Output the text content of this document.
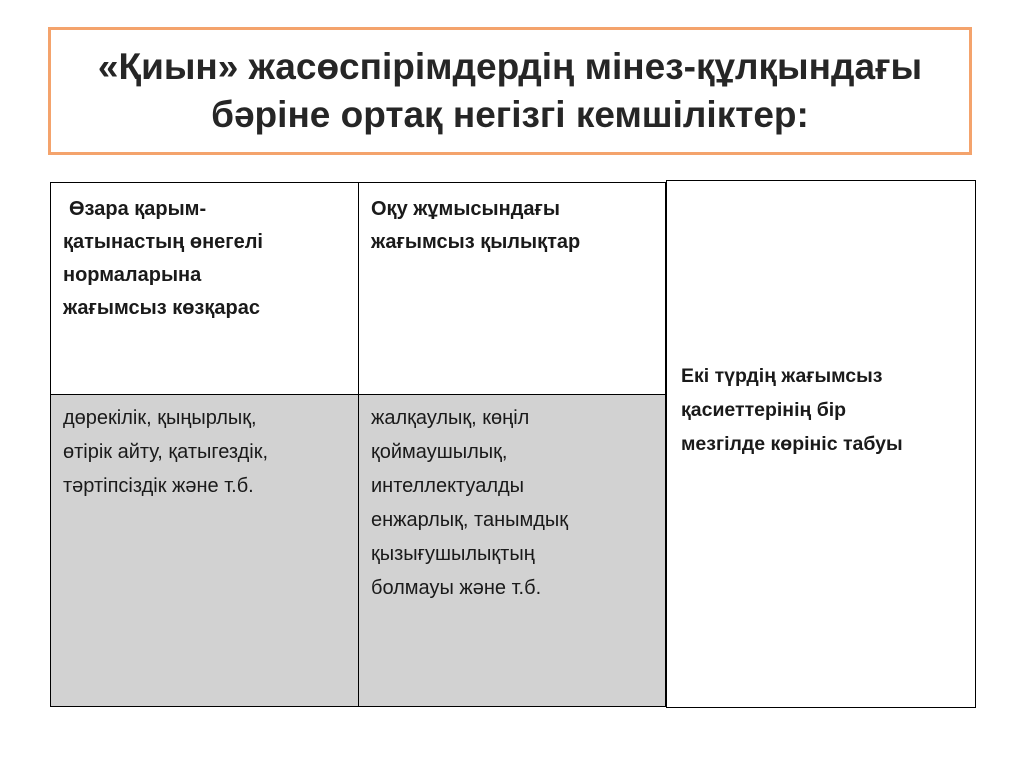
«Қиын» жасөспірімдердің мінез-құлқындағы
бәріне ортақ негізгі кемшіліктер:
Өзара қарым-
қатынастың өнегелі
нормаларына
жағымсыз көзқарас
Оқу жұмысындағы
жағымсыз қылықтар
дөрекілік, қыңырлық,
өтірік айту, қатыгездік,
тәртіпсіздік және т.б.
жалқаулық, көңіл
қоймаушылық,
интеллектуалды
енжарлық, танымдық
қызығушылықтың
болмауы және т.б.
Екі түрдің жағымсыз
қасиеттерінің бір
мезгілде көрініс табуы
